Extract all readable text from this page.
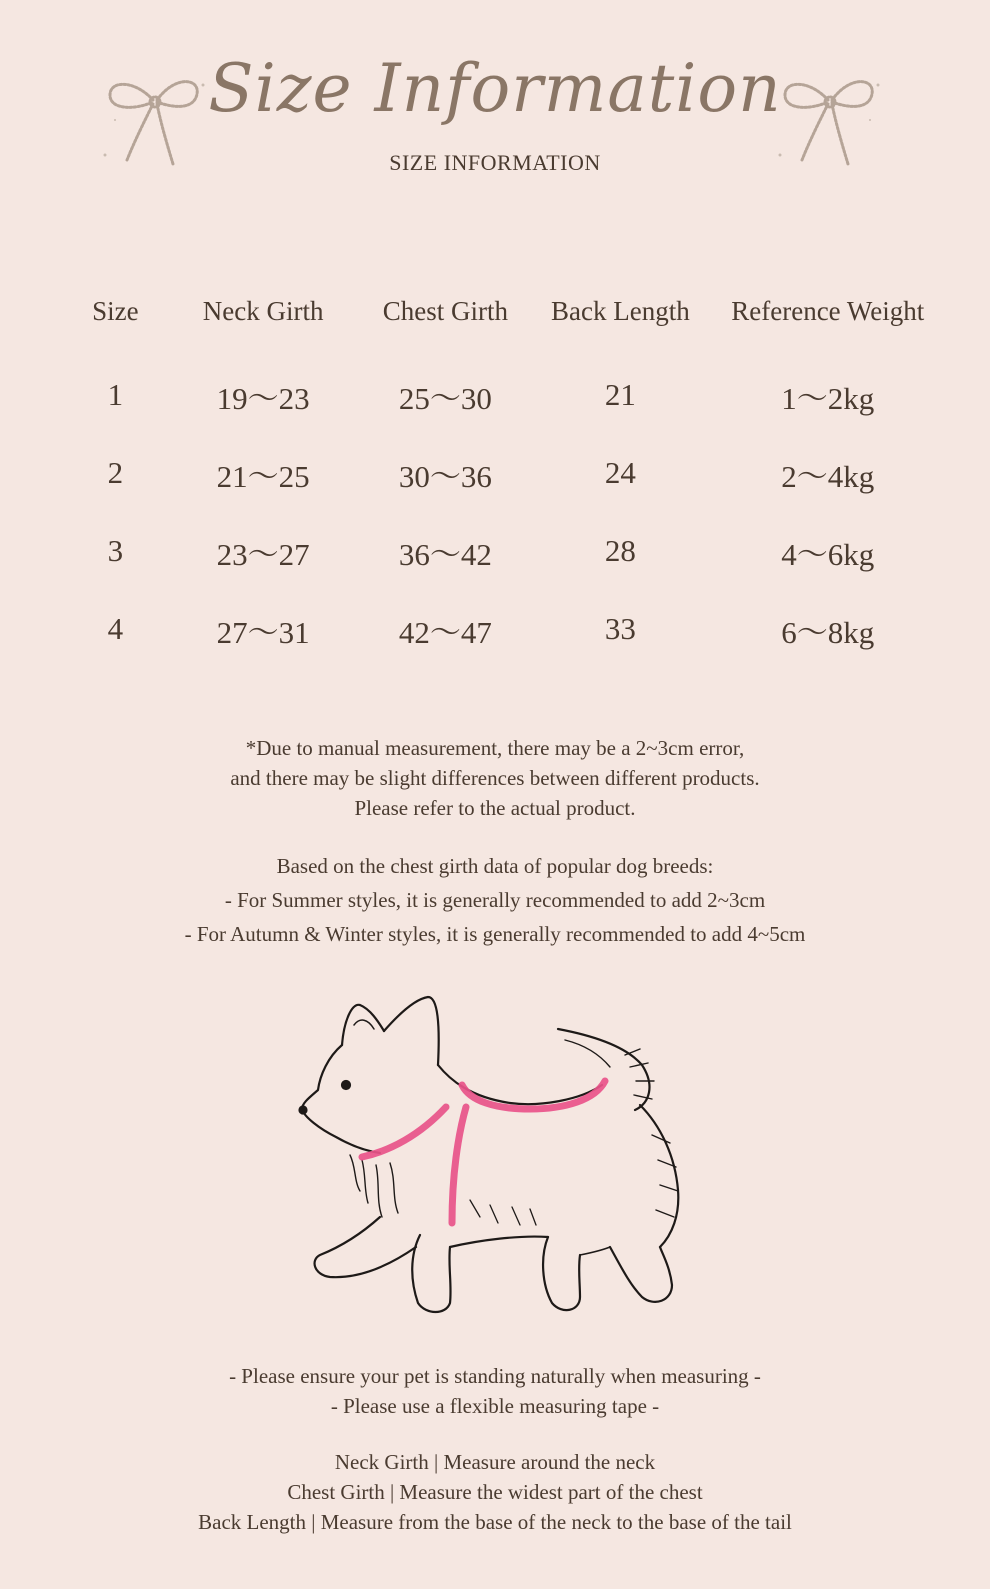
Size Information
SIZE INFORMATION
Size	Neck Girth	Chest Girth	Back Length	Reference Weight
1	19～23	25～30	21	1～2kg
2	21～25	30～36	24	2～4kg
3	23～27	36～42	28	4～6kg
4	27～31	42～47	33	6～8kg
*Due to manual measurement, there may be a 2~3cm error,
and there may be slight differences between different products.
Please refer to the actual product.
Based on the chest girth data of popular dog breeds:
- For Summer styles, it is generally recommended to add 2~3cm
- For Autumn & Winter styles, it is generally recommended to add 4~5cm
- Please ensure your pet is standing naturally when measuring -
- Please use a flexible measuring tape -
Neck Girth | Measure around the neck
Chest Girth | Measure the widest part of the chest
Back Length | Measure from the base of the neck to the base of the tail
